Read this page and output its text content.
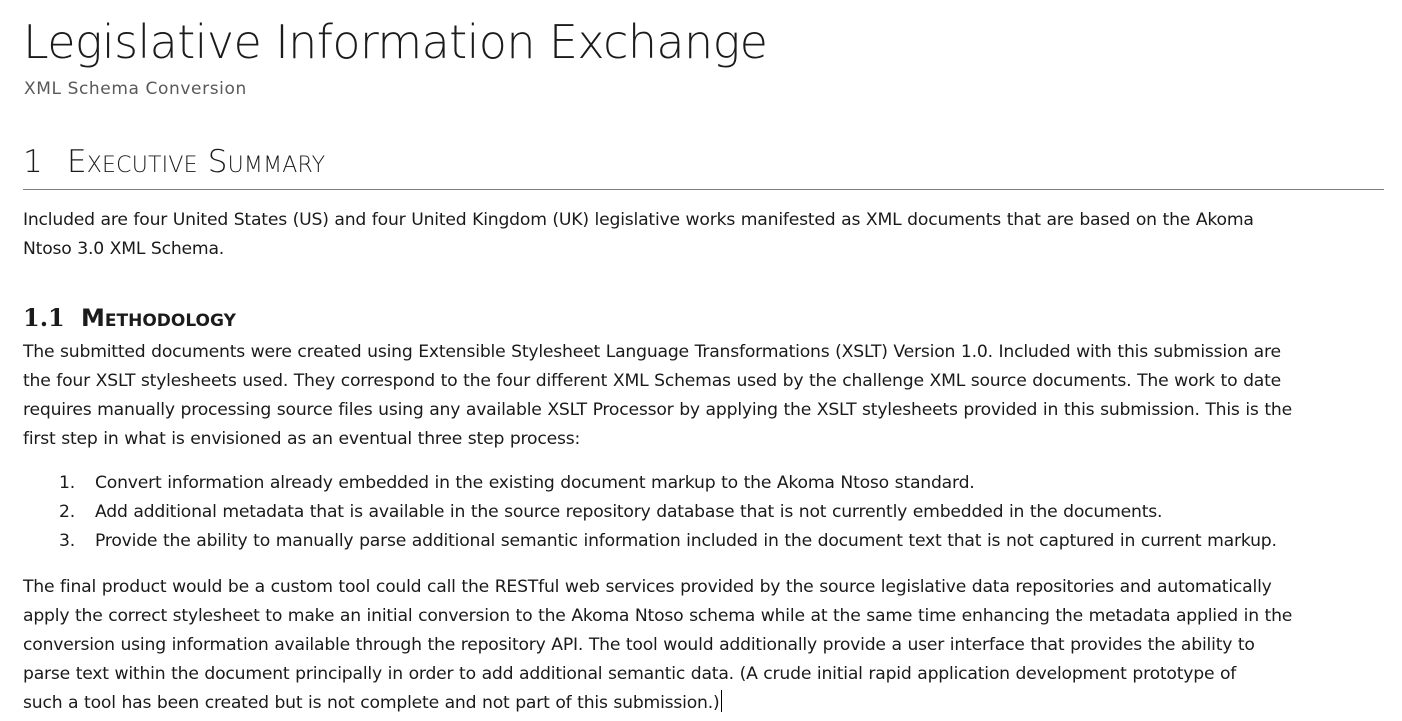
Legislative Information Exchange
XML Schema Conversion
1 Executive Summary

Included are four United States (US) and four United Kingdom (UK) legislative works manifested as XML documents that are based on the Akoma
Ntoso 3.0 XML Schema.

1.1 Methodology

The submitted documents were created using Extensible Stylesheet Language Transformations (XSLT) Version 1.0. Included with this submission are
the four XSLT stylesheets used. They correspond to the four different XML Schemas used by the challenge XML source documents. The work to date
requires manually processing source files using any available XSLT Processor by applying the XSLT stylesheets provided in this submission. This is the
first step in what is envisioned as an eventual three step process:

1. Convert information already embedded in the existing document markup to the Akoma Ntoso standard.
2. Add additional metadata that is available in the source repository database that is not currently embedded in the documents.
3. Provide the ability to manually parse additional semantic information included in the document text that is not captured in current markup.

The final product would be a custom tool could call the RESTful web services provided by the source legislative data repositories and automatically
apply the correct stylesheet to make an initial conversion to the Akoma Ntoso schema while at the same time enhancing the metadata applied in the
conversion using information available through the repository API. The tool would additionally provide a user interface that provides the ability to
parse text within the document principally in order to add additional semantic data. (A crude initial rapid application development prototype of
such a tool has been created but is not complete and not part of this submission.)
